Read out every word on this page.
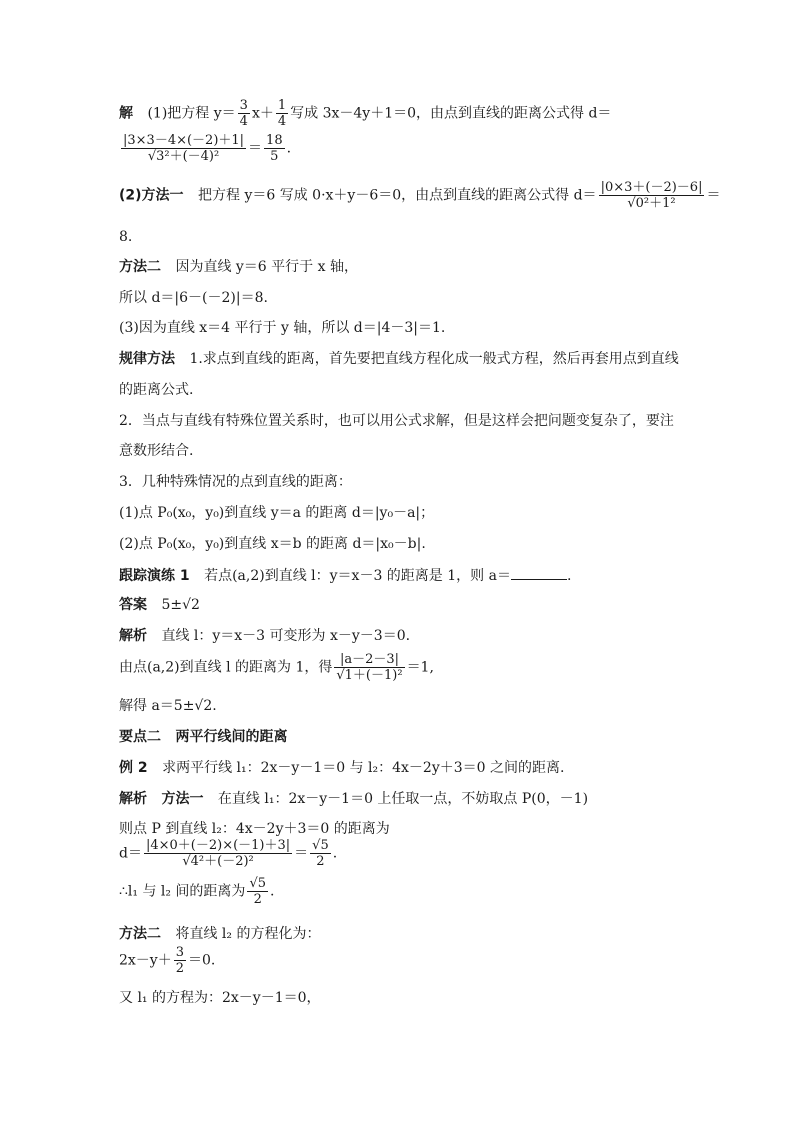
解 (1)把方程 $y= \frac{3}{4} x+ \frac{1}{4}$ 写成 3x－4y＋1＝0，由点到直线的距离公式得 d＝
$\frac{|3\times 3-4\times(-2)+1|}{\text{√3²＋(－4)²}} = \frac{18}{5}$ .
(2)方法一 把方程 y＝6 写成 0·x＋y－6＝0，由点到直线的距离公式得 $d= \frac{|0\times 3+(-2)-6|}{\text{√0²＋1²}}$ ＝
8.
方法二 因为直线 y＝6 平行于 x 轴，
所以 d＝|6－(－2)|＝8.
(3)因为直线 x＝4 平行于 y 轴，所以 d＝|4－3|＝1.
规律方法 1.求点到直线的距离，首先要把直线方程化成一般式方程，然后再套用点到直线
的距离公式.
2．当点与直线有特殊位置关系时，也可以用公式求解，但是这样会把问题变复杂了，要注
意数形结合.
3．几种特殊情况的点到直线的距离：
(1)点 P₀(x₀，y₀)到直线 y＝a 的距离 d＝|y₀－a|；
(2)点 P₀(x₀，y₀)到直线 x＝b 的距离 d＝|x₀－b|.
跟踪演练 1 若点(a,2)到直线 l：y＝x－3 的距离是 1，则 a＝	.
答案 5±√2
解析 直线 l：y＝x－3 可变形为 x－y－3＝0.
由点(a,2)到直线 l 的距离为 1，得 $\frac{|a-2-3|}{\text{√1＋(－1)²}} =1$,
解得 a＝5±√2.
要点二 两平行线间的距离
例 2 求两平行线 l₁：2x－y－1＝0 与 l₂：4x－2y＋3＝0 之间的距离.
解析 方法一 在直线 l₁：2x－y－1＝0 上任取一点，不妨取点 P(0，－1)
则点 P 到直线 l₂：4x－2y＋3＝0 的距离为
$d= \frac{|4\times 0+(-2)\times(-1)+3|}{\text{√4²＋(－2)²}} = \frac{√5}{2}$ .
∴l₁ 与 l₂ 间的距离为 $\frac{√5}{2}$ .
方法二 将直线 l₂ 的方程化为：
$2x-y+ \frac{3}{2} =0$.
又 l₁ 的方程为：2x－y－1＝0，
